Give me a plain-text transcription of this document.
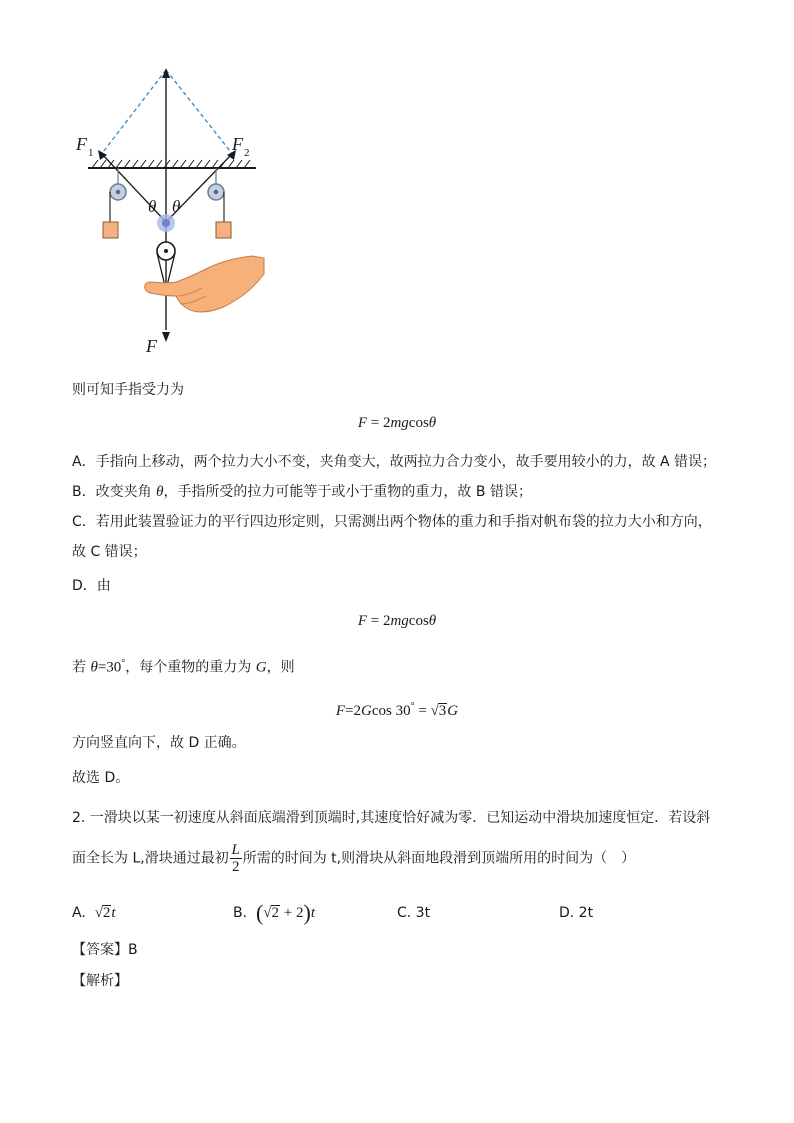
F 1	F 2
θ θ
F
则可知手指受力为
F = 2mgcosθ
A．手指向上移动，两个拉力大小不变，夹角变大，故两拉力合力变小，故手要用较小的力，故 A 错误；
B．改变夹角 θ，手指所受的拉力可能等于或小于重物的重力，故 B 错误；
C．若用此装置验证力的平行四边形定则，只需测出两个物体的重力和手指对帆布袋的拉力大小和方向，
故 C 错误；
D．由
F = 2mgcosθ
若 θ=30°，每个重物的重力为 G，则
F=2Gcos 30° = √3G
方向竖直向下，故 D 正确。
故选 D。
2. 一滑块以某一初速度从斜面底端滑到顶端时,其速度恰好减为零．已知运动中滑块加速度恒定．若设斜
面全长为 L,滑块通过最初 $\frac{L}{2}$ 所需的时间为 t,则滑块从斜面地段滑到顶端所用的时间为（　）
A. √2t	B. (√2 + 2)t	C. 3t	D. 2t
【答案】B
【解析】
